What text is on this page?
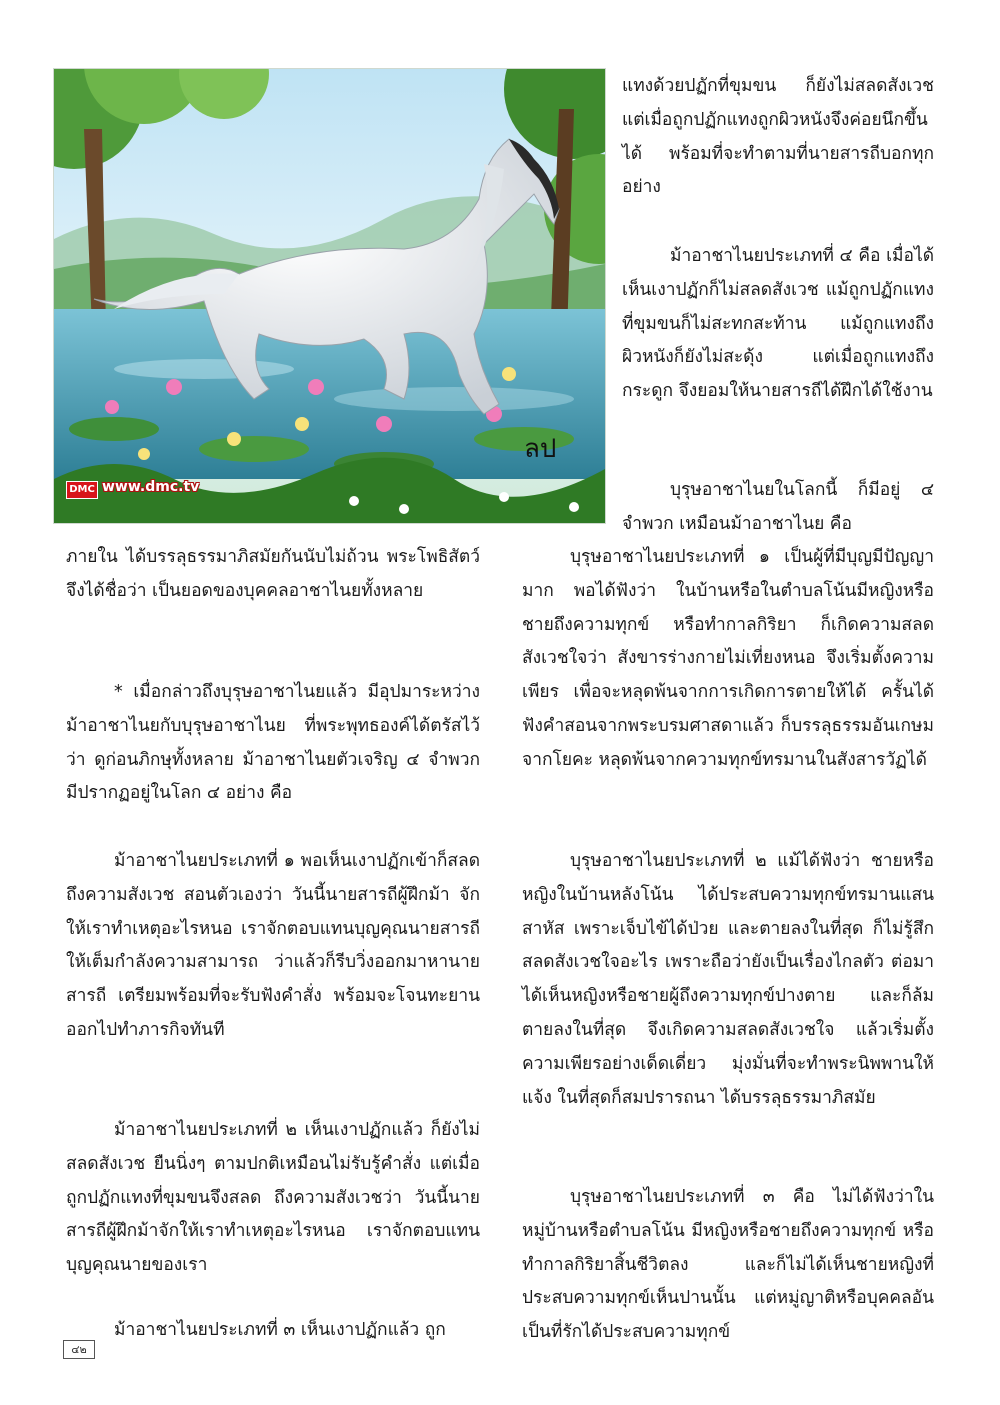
ลป
DMC www.dmc.tv

แทงด้วยปฏักที่ขุมขน ก็ยังไม่สลดสังเวช แต่เมื่อถูกปฏักแทงถูกผิวหนังจึงค่อยนึกขึ้นได้ พร้อมที่จะทำตามที่นายสารถีบอกทุกอย่าง

ม้าอาชาไนยประเภทที่ ๔ คือ เมื่อได้เห็นเงาปฏักก็ไม่สลดสังเวช แม้ถูกปฏักแทงที่ขุมขนก็ไม่สะทกสะท้าน แม้ถูกแทงถึงผิวหนังก็ยังไม่สะดุ้ง แต่เมื่อถูกแทงถึงกระดูก จึงยอมให้นายสารถีได้ฝึกได้ใช้งาน

บุรุษอาชาไนยในโลกนี้ ก็มีอยู่ ๔ จำพวก เหมือนม้าอาชาไนย คือ

ภายใน ได้บรรลุธรรมาภิสมัยกันนับไม่ถ้วน พระโพธิสัตว์จึงได้ชื่อว่า เป็นยอดของบุคคลอาชาไนยทั้งหลาย

* เมื่อกล่าวถึงบุรุษอาชาไนยแล้ว มีอุปมาระหว่างม้าอาชาไนยกับบุรุษอาชาไนย ที่พระพุทธองค์ได้ตรัสไว้ว่า ดูก่อนภิกษุทั้งหลาย ม้าอาชาไนยตัวเจริญ ๔ จำพวก มีปรากฏอยู่ในโลก ๔ อย่าง คือ

ม้าอาชาไนยประเภทที่ ๑ พอเห็นเงาปฏักเข้าก็สลด ถึงความสังเวช สอนตัวเองว่า วันนี้นายสารถีผู้ฝึกม้า จักให้เราทำเหตุอะไรหนอ เราจักตอบแทนบุญคุณนายสารถี ให้เต็มกำลังความสามารถ ว่าแล้วก็รีบวิ่งออกมาหานายสารถี เตรียมพร้อมที่จะรับฟังคำสั่ง พร้อมจะโจนทะยานออกไปทำภารกิจทันที

ม้าอาชาไนยประเภทที่ ๒ เห็นเงาปฏักแล้ว ก็ยังไม่สลดสังเวช ยืนนิ่งๆ ตามปกติเหมือนไม่รับรู้คำสั่ง แต่เมื่อถูกปฏักแทงที่ขุมขนจึงสลด ถึงความสังเวชว่า วันนี้นายสารถีผู้ฝึกม้าจักให้เราทำเหตุอะไรหนอ เราจักตอบแทนบุญคุณนายของเรา

ม้าอาชาไนยประเภทที่ ๓ เห็นเงาปฏักแล้ว ถูก

บุรุษอาชาไนยประเภทที่ ๑ เป็นผู้ที่มีบุญมีปัญญามาก พอได้ฟังว่า ในบ้านหรือในตำบลโน้นมีหญิงหรือชายถึงความทุกข์ หรือทำกาลกิริยา ก็เกิดความสลดสังเวชใจว่า สังขารร่างกายไม่เที่ยงหนอ จึงเริ่มตั้งความเพียร เพื่อจะหลุดพ้นจากการเกิดการตายให้ได้ ครั้นได้ฟังคำสอนจากพระบรมศาสดาแล้ว ก็บรรลุธรรมอันเกษมจากโยคะ หลุดพ้นจากความทุกข์ทรมานในสังสารวัฏได้

บุรุษอาชาไนยประเภทที่ ๒ แม้ได้ฟังว่า ชายหรือหญิงในบ้านหลังโน้น ได้ประสบความทุกข์ทรมานแสนสาหัส เพราะเจ็บไข้ได้ป่วย และตายลงในที่สุด ก็ไม่รู้สึกสลดสังเวชใจอะไร เพราะถือว่ายังเป็นเรื่องไกลตัว ต่อมาได้เห็นหญิงหรือชายผู้ถึงความทุกข์ปางตาย และก็ล้มตายลงในที่สุด จึงเกิดความสลดสังเวชใจ แล้วเริ่มตั้งความเพียรอย่างเด็ดเดี่ยว มุ่งมั่นที่จะทำพระนิพพานให้แจ้ง ในที่สุดก็สมปรารถนา ได้บรรลุธรรมาภิสมัย

บุรุษอาชาไนยประเภทที่ ๓ คือ ไม่ได้ฟังว่าในหมู่บ้านหรือตำบลโน้น มีหญิงหรือชายถึงความทุกข์ หรือทำกาลกิริยาสิ้นชีวิตลง และก็ไม่ได้เห็นชายหญิงที่ประสบความทุกข์เห็นปานนั้น แต่หมู่ญาติหรือบุคคลอันเป็นที่รักได้ประสบความทุกข์

๔๒
